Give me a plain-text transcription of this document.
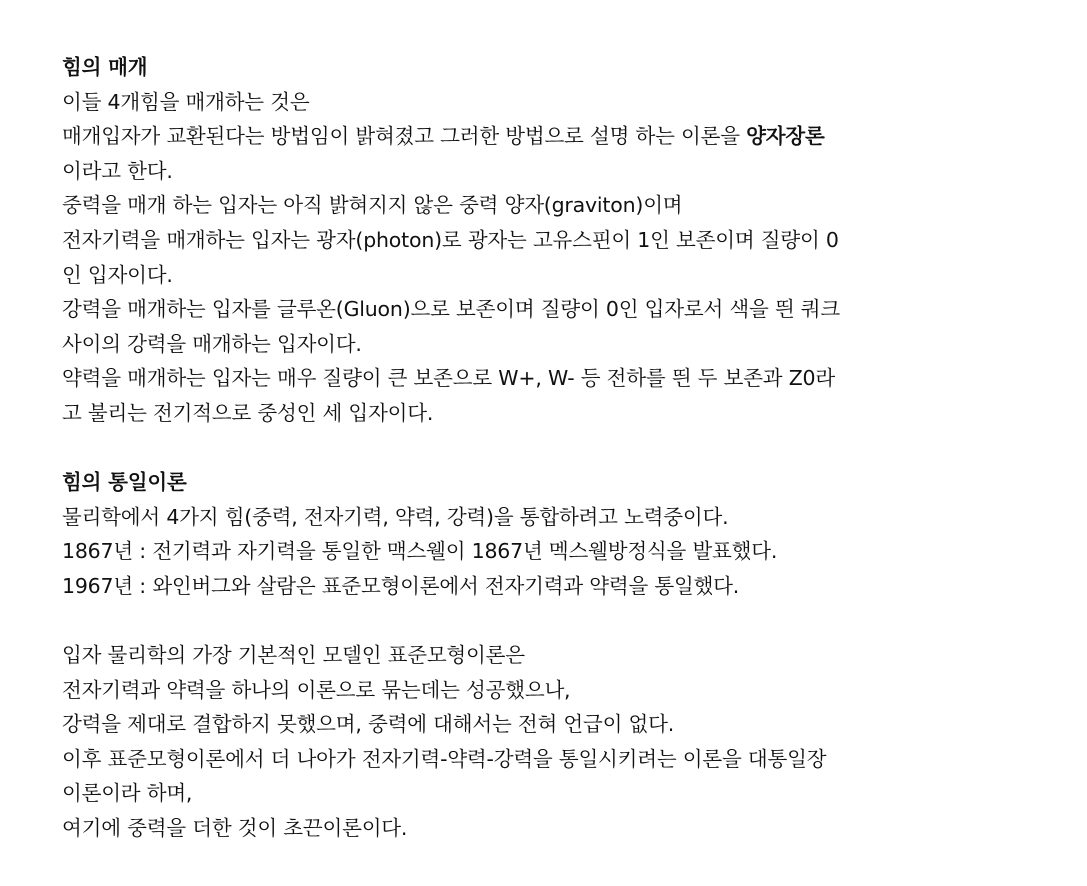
힘의 매개
이들 4개힘을 매개하는 것은
매개입자가 교환된다는 방법임이 밝혀졌고 그러한 방법으로 설명 하는 이론을 양자장론
이라고 한다.
중력을 매개 하는 입자는 아직 밝혀지지 않은 중력 양자(graviton)이며
전자기력을 매개하는 입자는 광자(photon)로 광자는 고유스핀이 1인 보존이며 질량이 0
인 입자이다.
강력을 매개하는 입자를 글루온(Gluon)으로 보존이며 질량이 0인 입자로서 색을 띈 쿼크
사이의 강력을 매개하는 입자이다.
약력을 매개하는 입자는 매우 질량이 큰 보존으로 W+, W- 등 전하를 띈 두 보존과 Z0라
고 불리는 전기적으로 중성인 세 입자이다.
힘의 통일이론
물리학에서 4가지 힘(중력, 전자기력, 약력, 강력)을 통합하려고 노력중이다.
1867년 : 전기력과 자기력을 통일한 맥스웰이 1867년 멕스웰방정식을 발표했다.
1967년 : 와인버그와 살람은 표준모형이론에서 전자기력과 약력을 통일했다.
입자 물리학의 가장 기본적인 모델인 표준모형이론은
전자기력과 약력을 하나의 이론으로 묶는데는 성공했으나,
강력을 제대로 결합하지 못했으며, 중력에 대해서는 전혀 언급이 없다.
이후 표준모형이론에서 더 나아가 전자기력-약력-강력을 통일시키려는 이론을 대통일장
이론이라 하며,
여기에 중력을 더한 것이 초끈이론이다.
